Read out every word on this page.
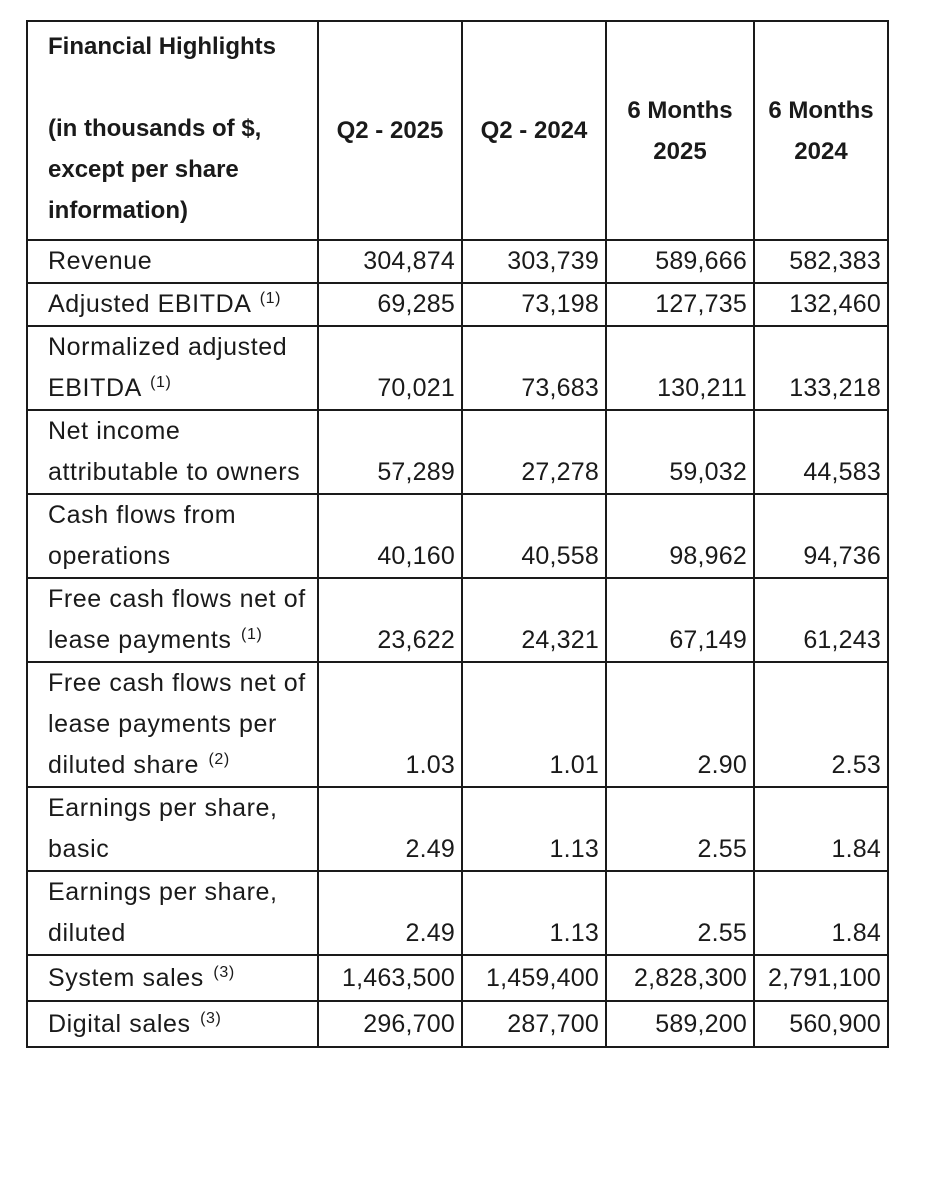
Financial Highlights
(in thousands of $, except per share information)	Q2 - 2025	Q2 - 2024	6 Months 2025	6 Months 2024
Revenue	304,874	303,739	589,666	582,383
Adjusted EBITDA $^{(1)}$	69,285	73,198	127,735	132,460
Normalized adjusted EBITDA $^{(1)}$	70,021	73,683	130,211	133,218
Net income attributable to owners	57,289	27,278	59,032	44,583
Cash flows from operations	40,160	40,558	98,962	94,736
Free cash flows net of lease payments $^{(1)}$	23,622	24,321	67,149	61,243
Free cash flows net of lease payments per diluted share $^{(2)}$	1.03	1.01	2.90	2.53
Earnings per share, basic	2.49	1.13	2.55	1.84
Earnings per share, diluted	2.49	1.13	2.55	1.84
System sales $^{(3)}$	1,463,500	1,459,400	2,828,300	2,791,100
Digital sales $^{(3)}$	296,700	287,700	589,200	560,900
